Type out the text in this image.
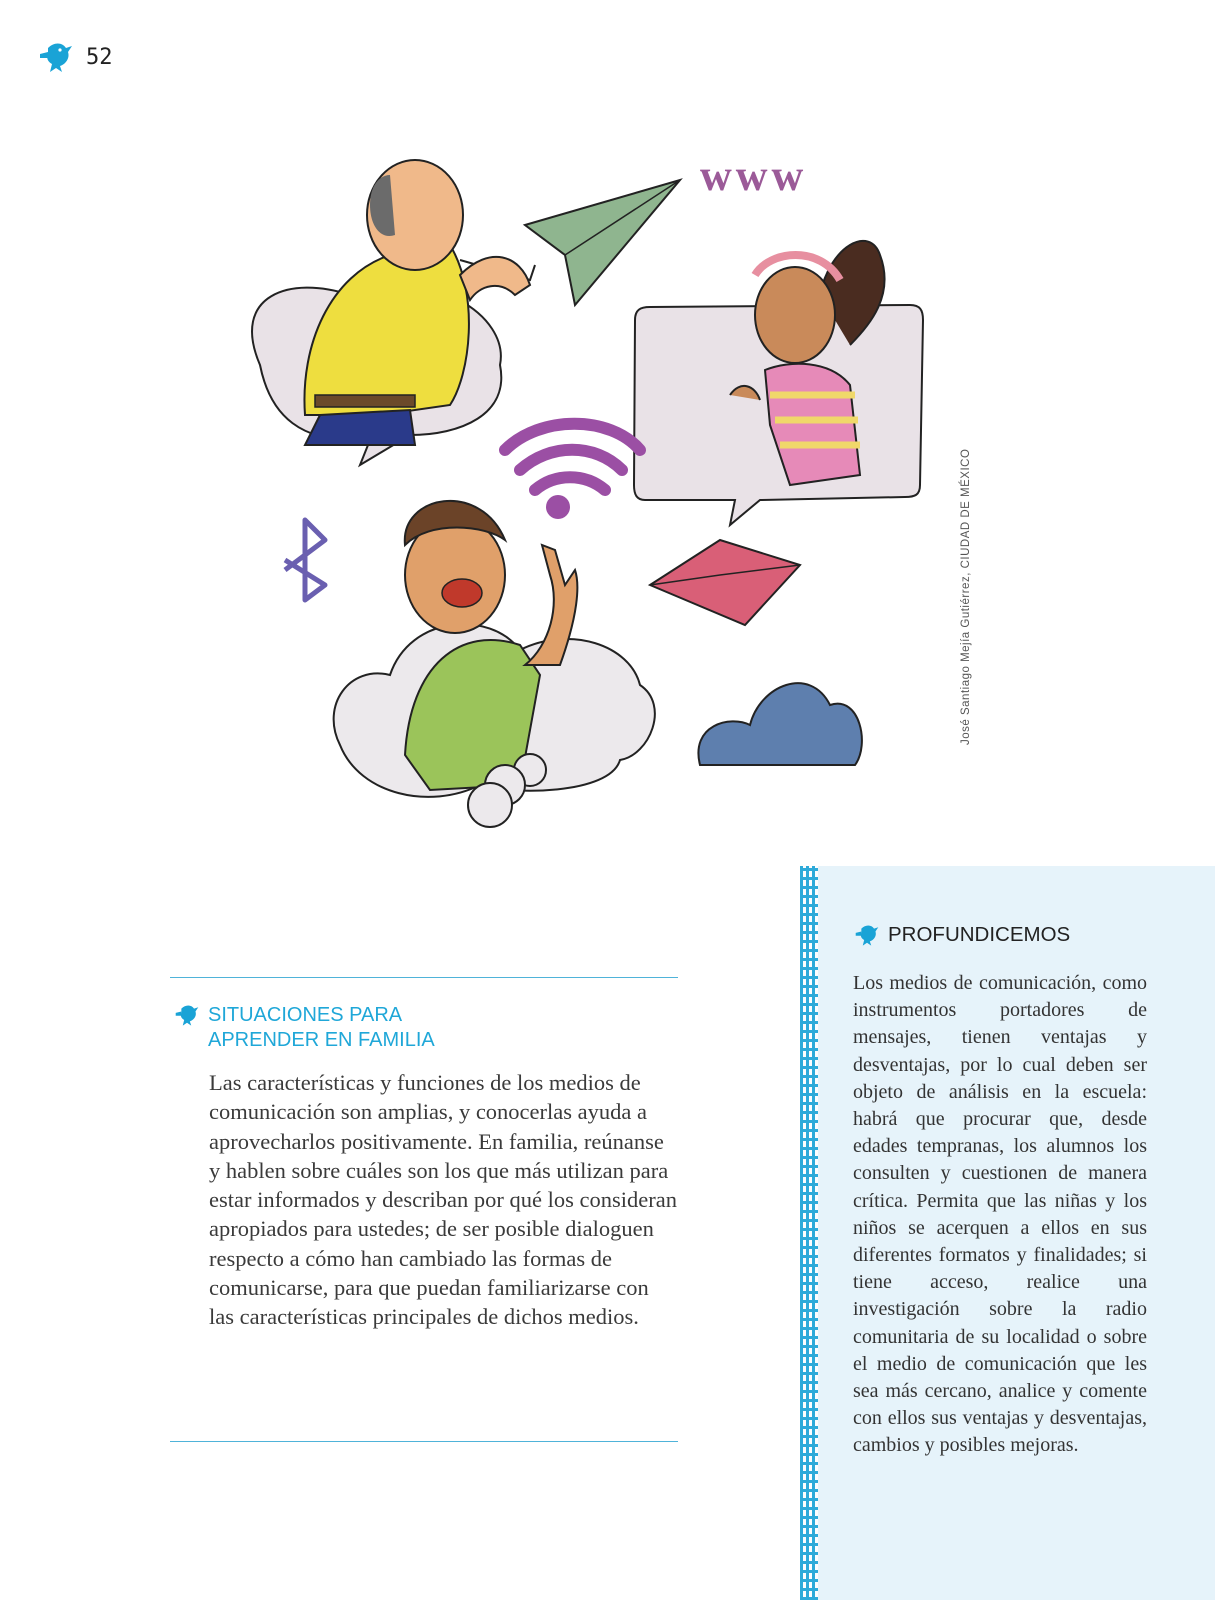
52
www
José Santiago Mejía Gutiérrez, CIUDAD DE MÉXICO
SITUACIONES PARA
APRENDER EN FAMILIA

Las características y funciones de los medios de comunicación son amplias, y conocerlas ayuda a aprovecharlos positivamente. En familia, reúnanse y hablen sobre cuáles son los que más utilizan para estar informados y describan por qué los consideran apropiados para ustedes; de ser posible dialoguen respecto a cómo han cambiado las formas de comunicarse, para que puedan familiarizarse con las características principales de dichos medios.

PROFUNDICEMOS

Los medios de comunicación, como instrumentos portadores de mensajes, tienen ventajas y desventajas, por lo cual deben ser objeto de análisis en la escuela: habrá que procurar que, desde edades tempranas, los alumnos los consulten y cuestionen de manera crítica. Permita que las niñas y los niños se acerquen a ellos en sus diferentes formatos y finalidades; si tiene acceso, realice una investigación sobre la radio comunitaria de su localidad o sobre el medio de comunicación que les sea más cercano, analice y comente con ellos sus ventajas y desventajas, cambios y posibles mejoras.
